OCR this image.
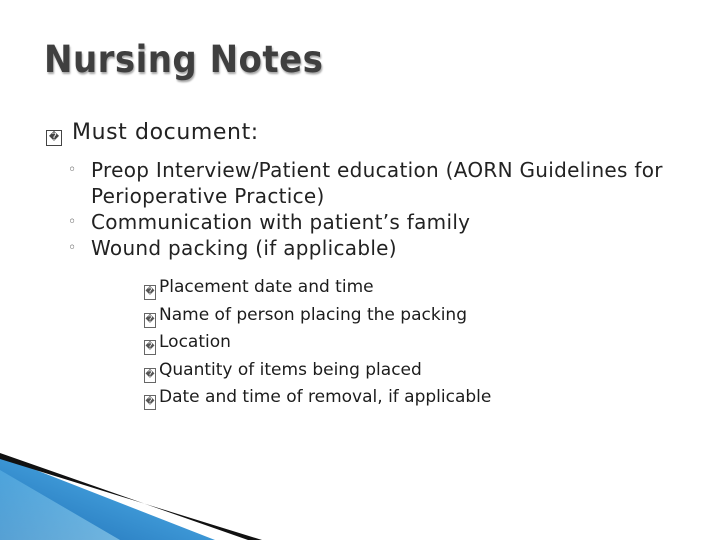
Nursing Notes
� Must document:
◦ Preop Interview/Patient education (AORN Guidelines for Perioperative Practice)
◦ Communication with patient’s family
◦ Wound packing (if applicable)
� Placement date and time
� Name of person placing the packing
� Location
� Quantity of items being placed
� Date and time of removal, if applicable
